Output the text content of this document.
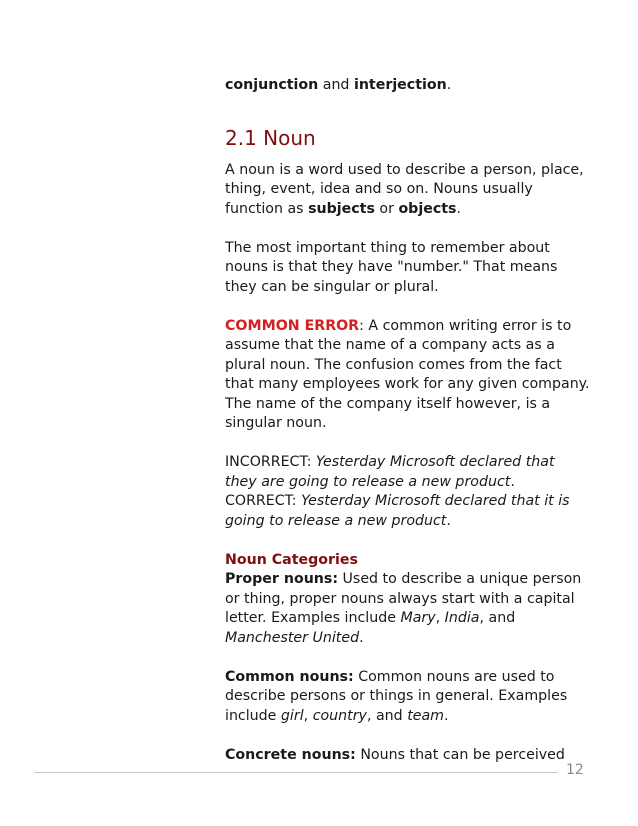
conjunction and interjection.

2.1 Noun

A noun is a word used to describe a person, place, thing, event, idea and so on. Nouns usually function as subjects or objects.

The most important thing to remember about nouns is that they have "number." That means they can be singular or plural.

COMMON ERROR: A common writing error is to assume that the name of a company acts as a plural noun. The confusion comes from the fact that many employees work for any given company. The name of the company itself however, is a singular noun.

INCORRECT: Yesterday Microsoft declared that they are going to release a new product.

CORRECT: Yesterday Microsoft declared that it is going to release a new product.

Noun Categories

Proper nouns: Used to describe a unique person or thing, proper nouns always start with a capital letter. Examples include Mary, India, and Manchester United.

Common nouns: Common nouns are used to describe persons or things in general. Examples include girl, country, and team.

Concrete nouns: Nouns that can be perceived

12
